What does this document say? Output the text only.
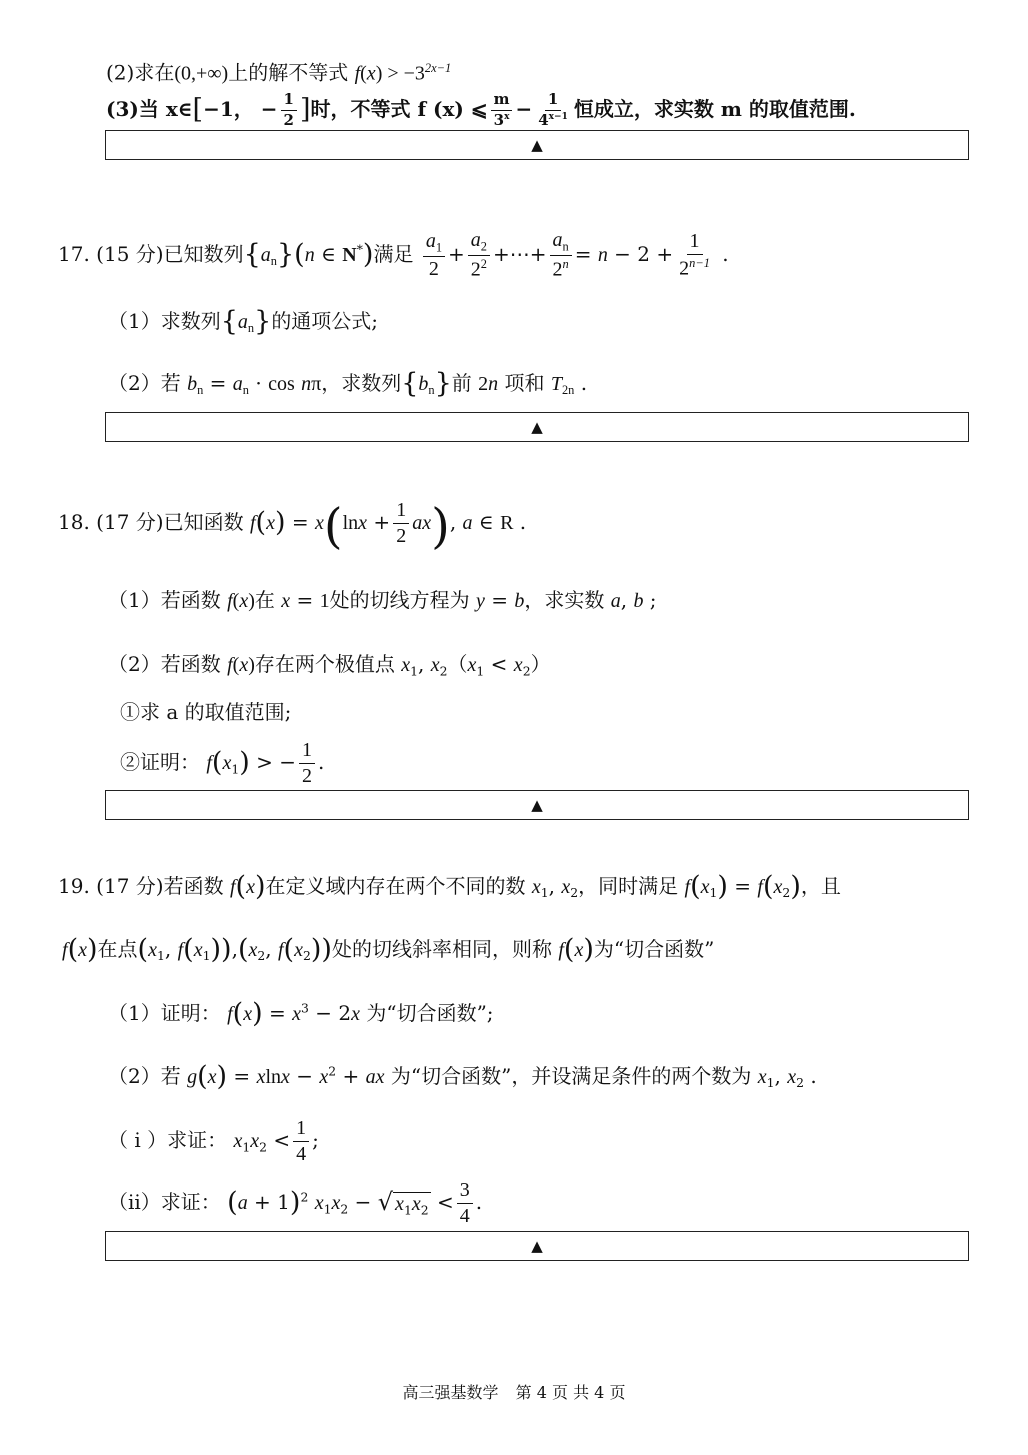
(2)求在(0,+∞)上的解不等式 $f(x) > -3^{2x-1}$
(3)当 x∈[−1， − $\frac{1}{2}$ ]时，不等式 f (x) ⩽ $\frac{m}{3^x} - \frac{1}{4^{x-1}}$ 恒成立，求实数 m 的取值范围.
▲
17. (15 分)已知数列$\{a_n\}(n$ ∈ N*)满足 $\frac{a_1}{2} + \frac{a_2}{2^2}$ +⋯+ $\frac{a_n}{2^n} = n - 2 + \frac{1}{2^{n-1}}$ .
（1）求数列$\{a_n\}$的通项公式;
（2）若 $b_n = a_n \cdot \cos n\pi$，求数列$\{b_n\}$前 2n 项和 $T_{2n}$ .
▲
18. (17 分)已知函数 $f(x) = x(\ln x + \frac{1}{2} ax)$, a ∈ R .
（1）若函数 f(x)在 x = 1处的切线方程为 y = b，求实数 a, b ;
（2）若函数 f(x)存在两个极值点 $x_1$, $x_2(x_1 < x_2)$
①求 a 的取值范围;
②证明： $f(x_1)$ > − $\frac{1}{2}$ .
▲
19. (17 分)若函数 f(x)在定义域内存在两个不同的数 $x_1$, $x_2$，同时满足 $f(x_1) = f(x_2)$，且
f(x)在点($x_1$, $f(x_1)),(x_2$, $f(x_2)$)处的切线斜率相同，则称 f(x)为“切合函数”
（1）证明： $f(x) = x^3 - 2x$ 为“切合函数”;
（2）若 $g(x) = xlnx - x^2$ + ax 为“切合函数”，并设满足条件的两个数为 $x_1$, $x_2$ .
（ i ）求证： $x_1x_2 < \frac{1}{4}$ ;
（ii）求证： $(a + 1)^2$ $x_1x_2$ − √ $x_1x_2 < \frac{3}{4}$ .
▲
高三强基数学 第 4 页 共 4 页
